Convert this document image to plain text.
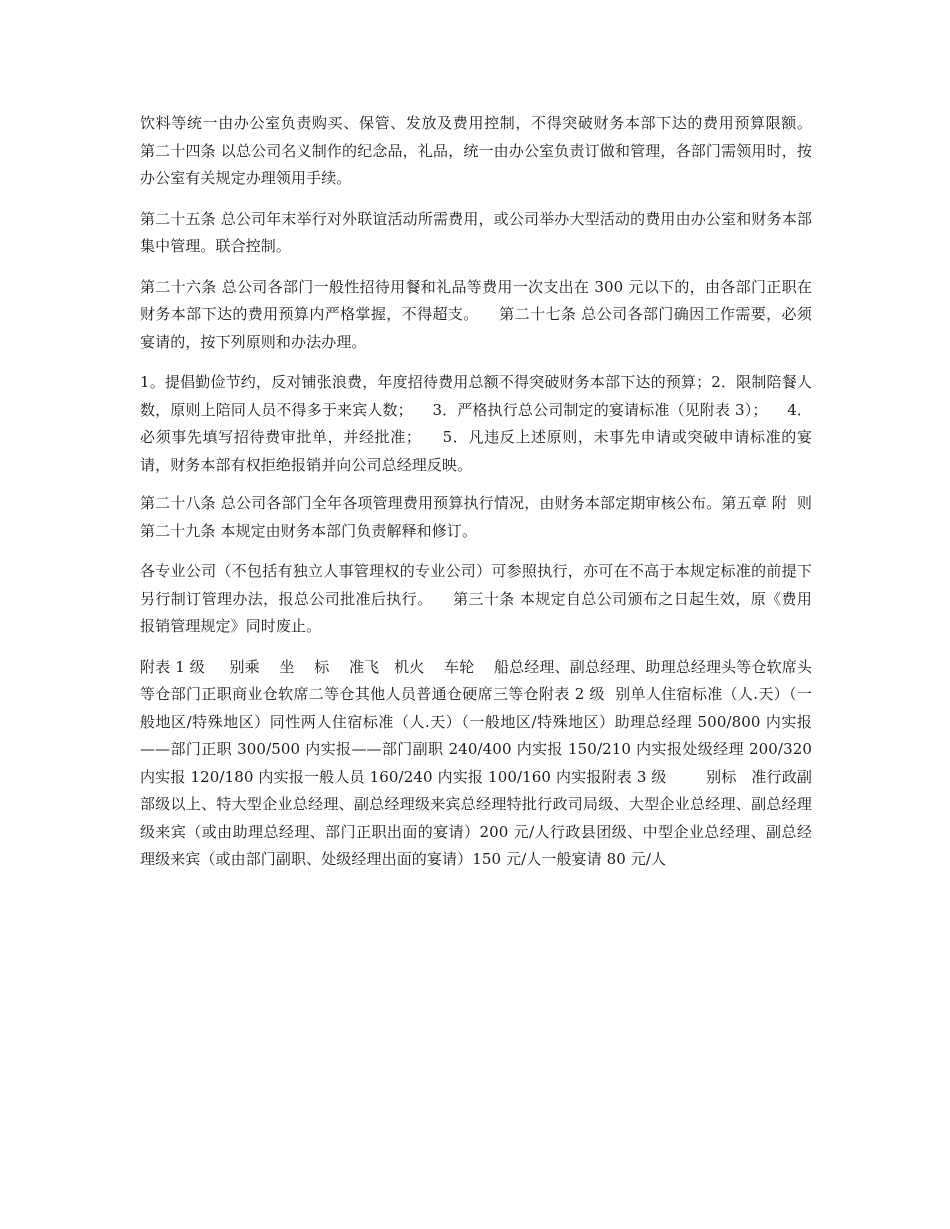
饮料等统一由办公室负责购买、保管、发放及费用控制，不得突破财务本部下达的费用预算限额。    第二十四条 以总公司名义制作的纪念品，礼品，统一由办公室负责订做和管理，各部门需领用时，按办公室有关规定办理领用手续。

第二十五条 总公司年末举行对外联谊活动所需费用，或公司举办大型活动的费用由办公室和财务本部集中管理。联合控制。

第二十六条 总公司各部门一般性招待用餐和礼品等费用一次支出在 300 元以下的，由各部门正职在财务本部下达的费用预算内严格掌握，不得超支。    第二十七条 总公司各部门确因工作需要，必须宴请的，按下列原则和办法办理。

1。提倡勤俭节约，反对铺张浪费，年度招待费用总额不得突破财务本部下达的预算；2．限制陪餐人数，原则上陪同人员不得多于来宾人数；    3．严格执行总公司制定的宴请标准（见附表 3）；    4．必须事先填写招待费审批单，并经批准；    5．凡违反上述原则，未事先申请或突破申请标准的宴请，财务本部有权拒绝报销并向公司总经理反映。

第二十八条 总公司各部门全年各项管理费用预算执行情况，由财务本部定期审核公布。第五章 附  则    第二十九条 本规定由财务本部门负责解释和修订。

各专业公司（不包括有独立人事管理权的专业公司）可参照执行，亦可在不高于本规定标准的前提下另行制订管理办法，报总公司批准后执行。    第三十条 本规定自总公司颁布之日起生效，原《费用报销管理规定》同时废止。

附表 1 级     别乘    坐    标    准飞   机火    车轮    船总经理、副总经理、助理总经理头等仓软席头等仓部门正职商业仓软席二等仓其他人员普通仓硬席三等仓附表 2 级  别单人住宿标准（人.天）（一般地区/特殊地区）同性两人住宿标准（人.天）（一般地区/特殊地区）助理总经理 500/800 内实报——部门正职 300/500 内实报——部门副职 240/400 内实报 150/210 内实报处级经理 200/320 内实报 120/180 内实报一般人员 160/240 内实报 100/160 内实报附表 3 级        别标   准行政副部级以上、特大型企业总经理、副总经理级来宾总经理特批行政司局级、大型企业总经理、副总经理级来宾（或由助理总经理、部门正职出面的宴请）200 元/人行政县团级、中型企业总经理、副总经理级来宾（或由部门副职、处级经理出面的宴请）150 元/人一般宴请 80 元/人
